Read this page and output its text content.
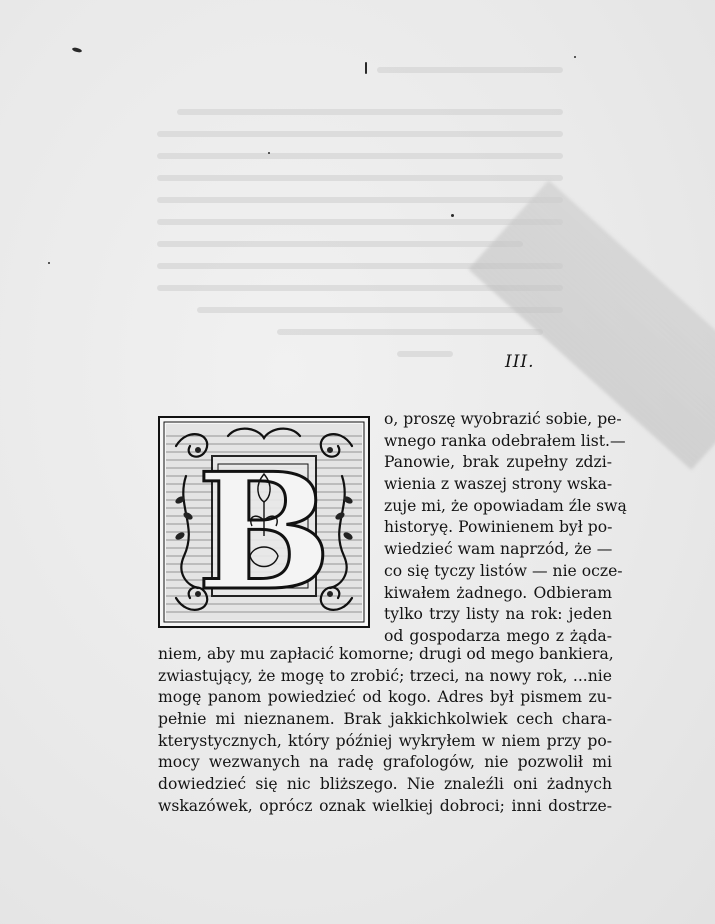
III.
B
o, proszę wyobrazić sobie, pe-
wnego ranka odebrałem list.—
Panowie, brak zupełny zdzi-
wienia z waszej strony wska-
zuje mi, że opowiadam źle swą
historyę. Powinienem był po-
wiedzieć wam naprzód, że —
co się tyczy listów — nie ocze-
kiwałem żadnego. Odbieram
tylko trzy listy na rok: jeden
od gospodarza mego z żąda-
niem, aby mu zapłacić komorne; drugi od mego bankiera,
zwiastujący, że mogę to zrobić; trzeci, na nowy rok, ...nie
mogę panom powiedzieć od kogo. Adres był pismem zu-
pełnie mi nieznanem. Brak jakkichkolwiek cech chara-
kterystycznych, który później wykryłem w niem przy po-
mocy wezwanych na radę grafologów, nie pozwolił mi
dowiedzieć się nic bliższego. Nie znaleźli oni żadnych
wskazówek, oprócz oznak wielkiej dobroci; inni dostrze-
